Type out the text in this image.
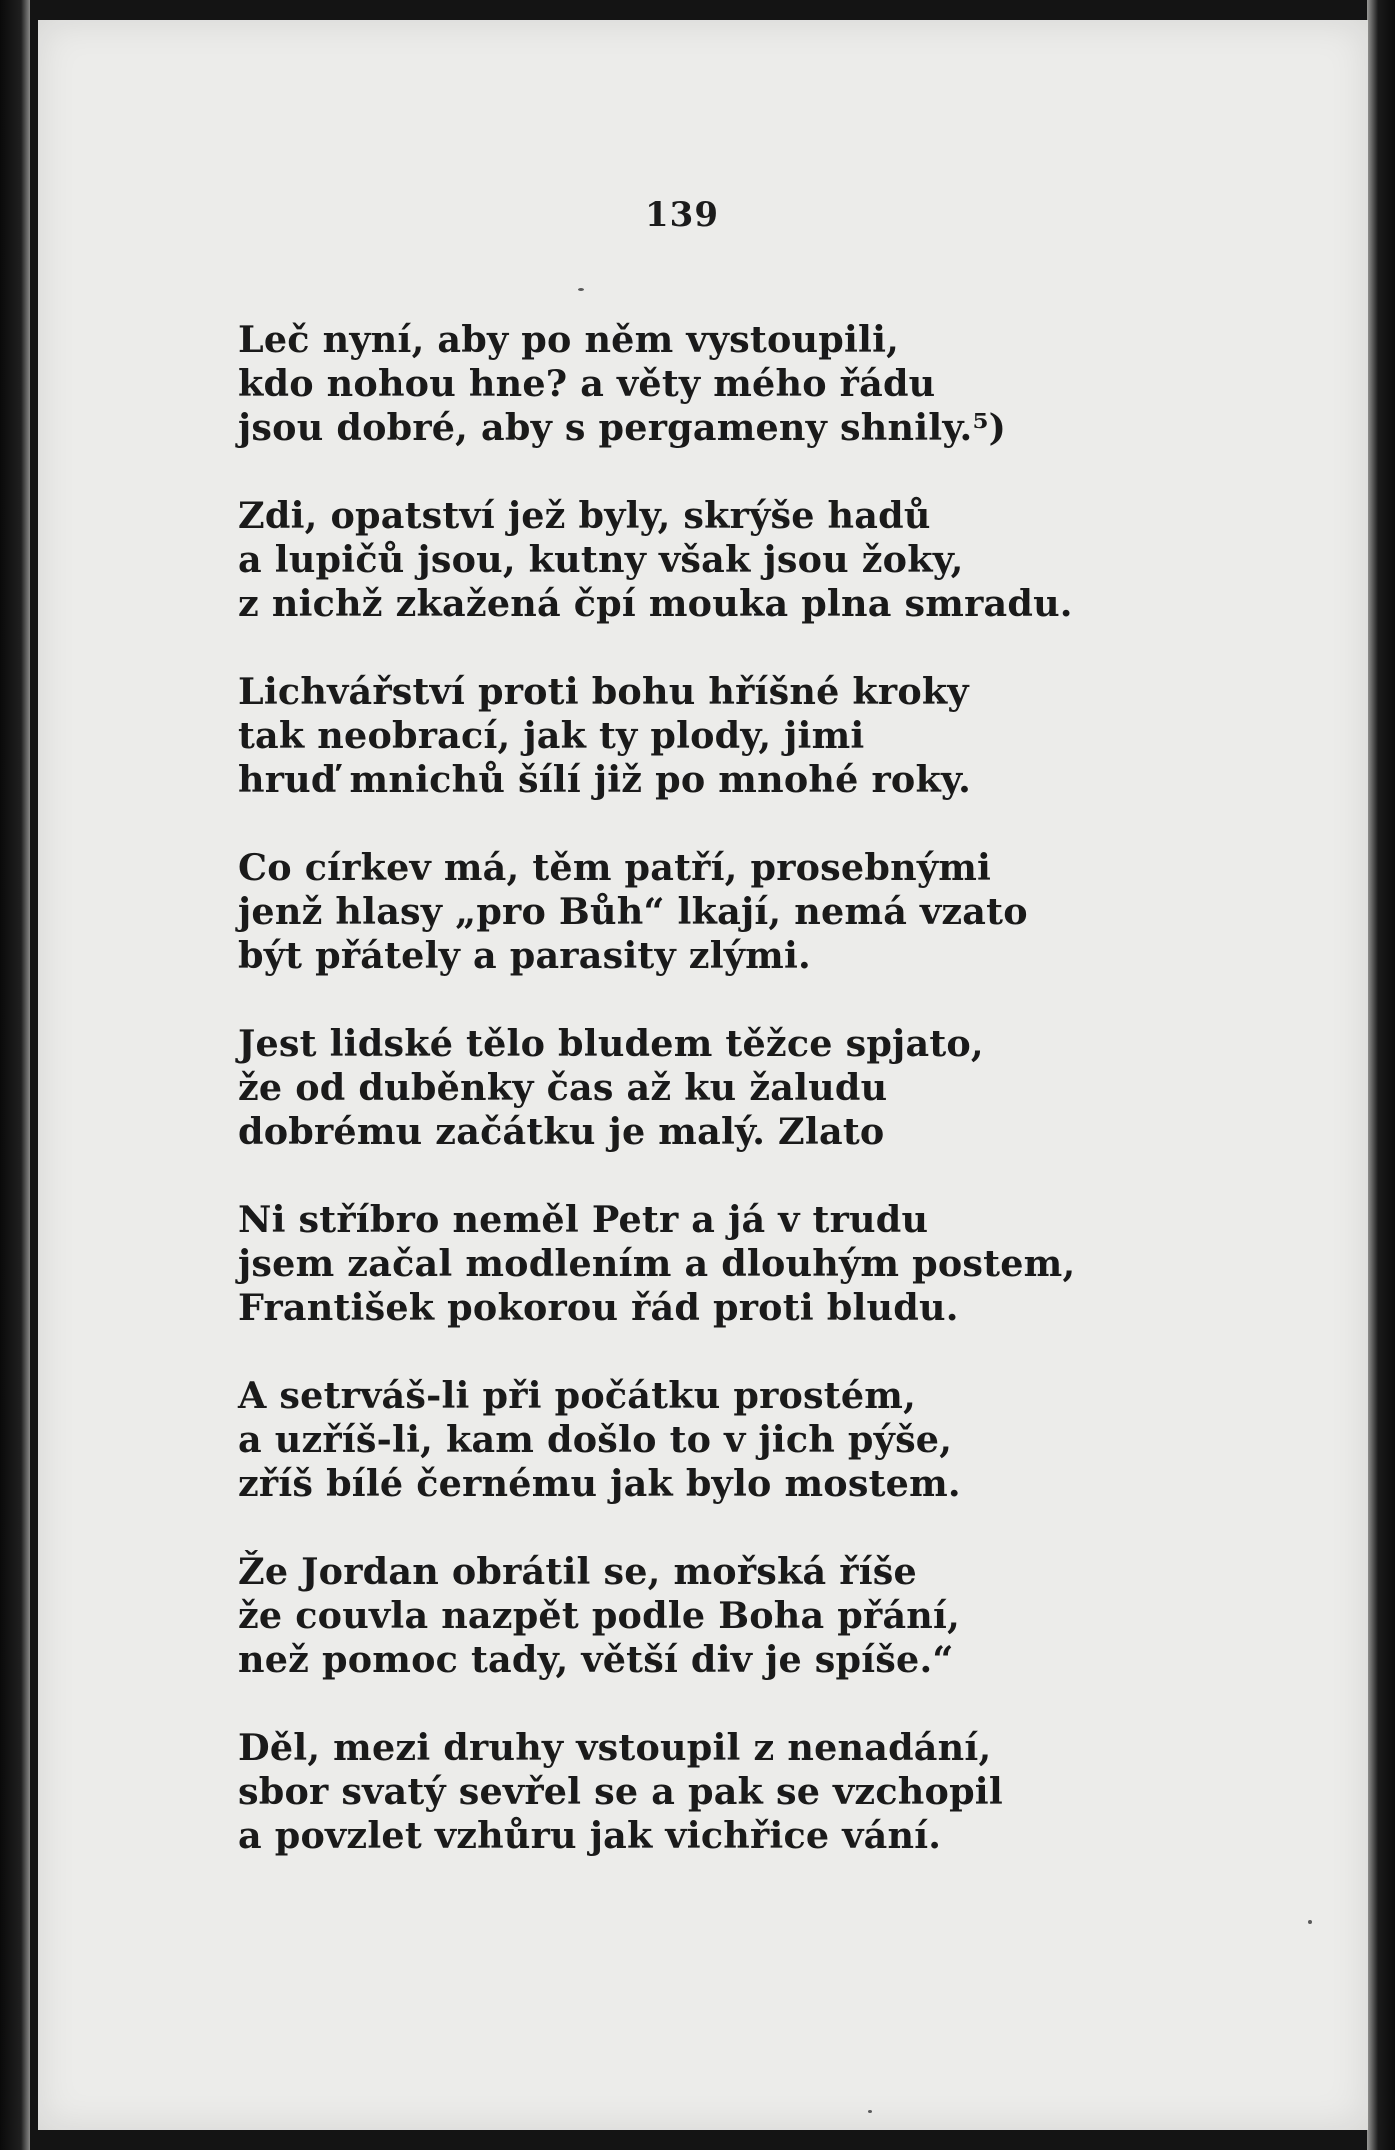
139
Leč nyní, aby po něm vystoupili,
kdo nohou hne? a věty mého řádu
jsou dobré, aby s pergameny shnily.⁵)
Zdi, opatství jež byly, skrýše hadů
a lupičů jsou, kutny však jsou žoky,
z nichž zkažená čpí mouka plna smradu.
Lichvářství proti bohu hříšné kroky
tak neobrací, jak ty plody, jimi
hruď mnichů šílí již po mnohé roky.
Co církev má, těm patří, prosebnými
jenž hlasy „pro Bůh“ lkají, nemá vzato
být přátely a parasity zlými.
Jest lidské tělo bludem těžce spjato,
že od duběnky čas až ku žaludu
dobrému začátku je malý. Zlato
Ni stříbro neměl Petr a já v trudu
jsem začal modlením a dlouhým postem,
František pokorou řád proti bludu.
A setrváš-li při počátku prostém,
a uzříš-li, kam došlo to v jich pýše,
zříš bílé černému jak bylo mostem.
Že Jordan obrátil se, mořská říše
že couvla nazpět podle Boha přání,
než pomoc tady, větší div je spíše.“
Děl, mezi druhy vstoupil z nenadání,
sbor svatý sevřel se a pak se vzchopil
a povzlet vzhůru jak vichřice vání.
